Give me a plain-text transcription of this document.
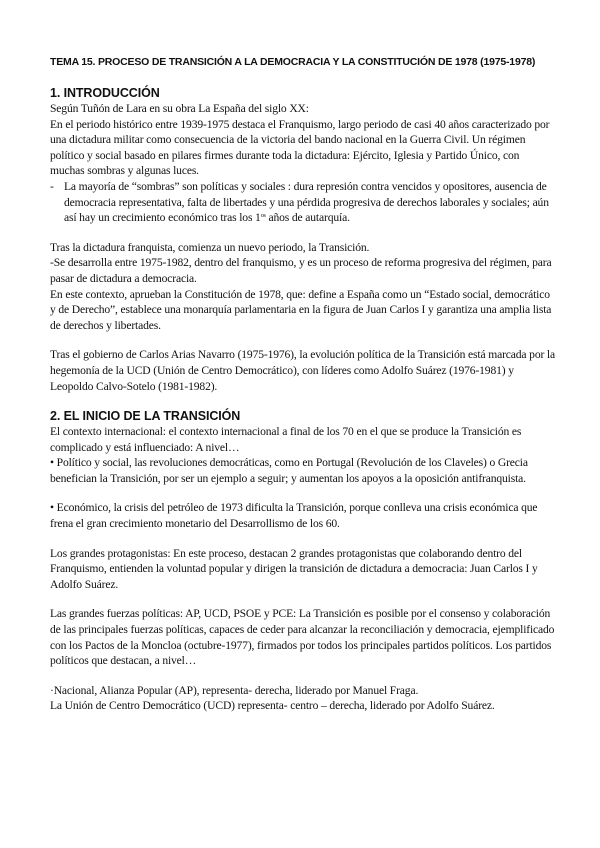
TEMA 15. PROCESO DE TRANSICIÓN A LA DEMOCRACIA Y LA CONSTITUCIÓN DE 1978 (1975-1978)

1. INTRODUCCIÓN

Según Tuñón de Lara en su obra La España del siglo XX:

En el periodo histórico entre 1939-1975 destaca el Franquismo, largo periodo de casi 40 años caracterizado por una dictadura militar como consecuencia de la victoria del bando nacional en la Guerra Civil. Un régimen político y social basado en pilares firmes durante toda la dictadura: Ejército, Iglesia y Partido Único, con muchas sombras y algunas luces.

- La mayoría de “sombras” son políticas y sociales : dura represión contra vencidos y opositores, ausencia de democracia representativa, falta de libertades y una pérdida progresiva de derechos laborales y sociales; aún así hay un crecimiento económico tras los $1^{os}$ años de autarquía.

Tras la dictadura franquista, comienza un nuevo periodo, la Transición.

-Se desarrolla entre 1975-1982, dentro del franquismo, y es un proceso de reforma progresiva del régimen, para pasar de dictadura a democracia.

En este contexto, aprueban la Constitución de 1978, que: define a España como un “Estado social, democrático y de Derecho”, establece una monarquía parlamentaria en la figura de Juan Carlos I y garantiza una amplia lista de derechos y libertades.

Tras el gobierno de Carlos Arias Navarro (1975-1976), la evolución política de la Transición está marcada por la hegemonía de la UCD (Unión de Centro Democrático), con líderes como Adolfo Suárez (1976-1981) y Leopoldo Calvo-Sotelo (1981-1982).

2. EL INICIO DE LA TRANSICIÓN

El contexto internacional: el contexto internacional a final de los 70 en el que se produce la Transición es complicado y está influenciado: A nivel…

• Político y social, las revoluciones democráticas, como en Portugal (Revolución de los Claveles) o Grecia benefician la Transición, por ser un ejemplo a seguir; y aumentan los apoyos a la oposición antifranquista.

• Económico, la crisis del petróleo de 1973 dificulta la Transición, porque conlleva una crisis económica que frena el gran crecimiento monetario del Desarrollismo de los 60.

Los grandes protagonistas: En este proceso, destacan 2 grandes protagonistas que colaborando dentro del Franquismo, entienden la voluntad popular y dirigen la transición de dictadura a democracia: Juan Carlos I y Adolfo Suárez.

Las grandes fuerzas políticas: AP, UCD, PSOE y PCE: La Transición es posible por el consenso y colaboración de las principales fuerzas políticas, capaces de ceder para alcanzar la reconciliación y democracia, ejemplificado con los Pactos de la Moncloa (octubre-1977), firmados por todos los principales partidos políticos. Los partidos políticos que destacan, a nivel…

·Nacional, Alianza Popular (AP), representa- derecha, liderado por Manuel Fraga.

La Unión de Centro Democrático (UCD) representa- centro – derecha, liderado por Adolfo Suárez.
